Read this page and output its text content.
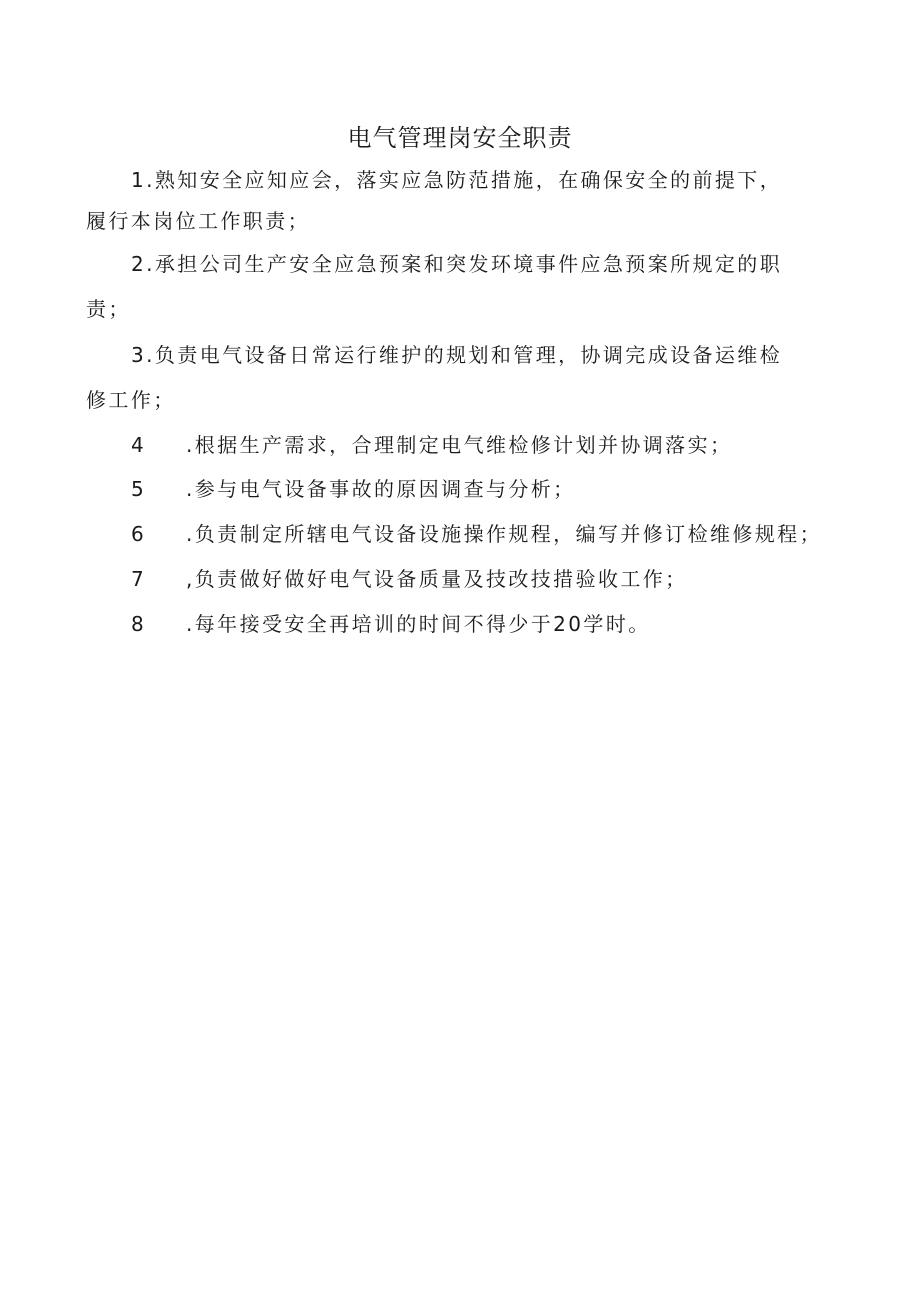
电气管理岗安全职责
1.熟知安全应知应会，落实应急防范措施，在确保安全的前提下，
履行本岗位工作职责；
2.承担公司生产安全应急预案和突发环境事件应急预案所规定的职
责；
3.负责电气设备日常运行维护的规划和管理，协调完成设备运维检
修工作；
4 .根据生产需求，合理制定电气维检修计划并协调落实；
5 .参与电气设备事故的原因调查与分析；
6 .负责制定所辖电气设备设施操作规程，编写并修订检维修规程；
7 ,负责做好做好电气设备质量及技改技措验收工作；
8 .每年接受安全再培训的时间不得少于20学时。
